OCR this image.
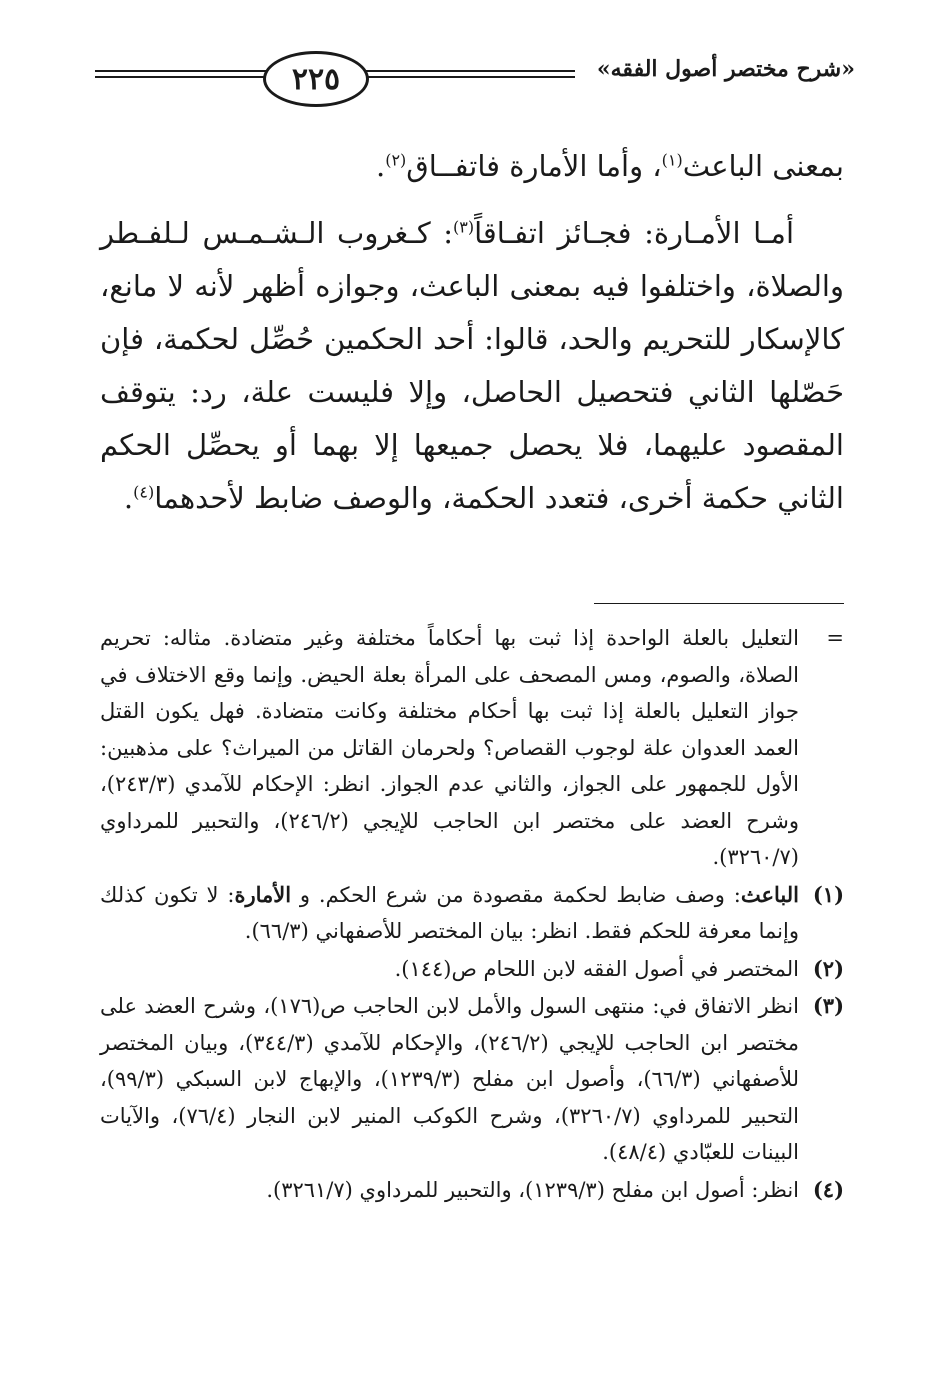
٢٢٥	«شرح مختصر أصول الفقه»

بمعنى الباعث$^{(١)}$، وأما الأمارة فاتفــاق$^{(٢)}$.

أمـا الأمـارة: فجـائز اتفـاقاً$^{(٣)}$: كـغروب الـشـمـس لـلفـطر والصلاة، واختلفوا فيه بمعنى الباعث، وجوازه أظهر لأنه لا مانع، كالإسكار للتحريم والحد، قالوا: أحد الحكمين حُصِّل لحكمة، فإن حَصّلها الثاني فتحصيل الحاصل، وإلا فليست علة، رد: يتوقف المقصود عليهما، فلا يحصل جميعها إلا بهما أو يحصِّل الحكم الثاني حكمة أخرى، فتعدد الحكمة، والوصف ضابط لأحدهما$^{(٤)}$.

=
التعليل بالعلة الواحدة إذا ثبت بها أحكاماً مختلفة وغير متضادة. مثاله: تحريم الصلاة، والصوم، ومس المصحف على المرأة بعلة الحيض. وإنما وقع الاختلاف في جواز التعليل بالعلة إذا ثبت بها أحكام مختلفة وكانت متضادة. فهل يكون القتل العمد العدوان علة لوجوب القصاص؟ ولحرمان القاتل من الميراث؟ على مذهبين: الأول للجمهور على الجواز، والثاني عدم الجواز. انظر: الإحكام للآمدي (٢٤٣/٣)، وشرح العضد على مختصر ابن الحاجب للإيجي (٢٤٦/٢)، والتحبير للمرداوي (٣٢٦٠/٧).
(١)
الباعث: وصف ضابط لحكمة مقصودة من شرع الحكم. و الأمارة: لا تكون كذلك وإنما معرفة للحكم فقط. انظر: بيان المختصر للأصفهاني (٦٦/٣).
(٢)
المختصر في أصول الفقه لابن اللحام ص(١٤٤).
(٣)
انظر الاتفاق في: منتهى السول والأمل لابن الحاجب ص(١٧٦)، وشرح العضد على مختصر ابن الحاجب للإيجي (٢٤٦/٢)، والإحكام للآمدي (٣٤٤/٣)، وبيان المختصر للأصفهاني (٦٦/٣)، وأصول ابن مفلح (١٢٣٩/٣)، والإبهاج لابن السبكي (٩٩/٣)، التحبير للمرداوي (٣٢٦٠/٧)، وشرح الكوكب المنير لابن النجار (٧٦/٤)، والآيات البينات للعبّادي (٤٨/٤).
(٤)
انظر: أصول ابن مفلح (١٢٣٩/٣)، والتحبير للمرداوي (٣٢٦١/٧).
